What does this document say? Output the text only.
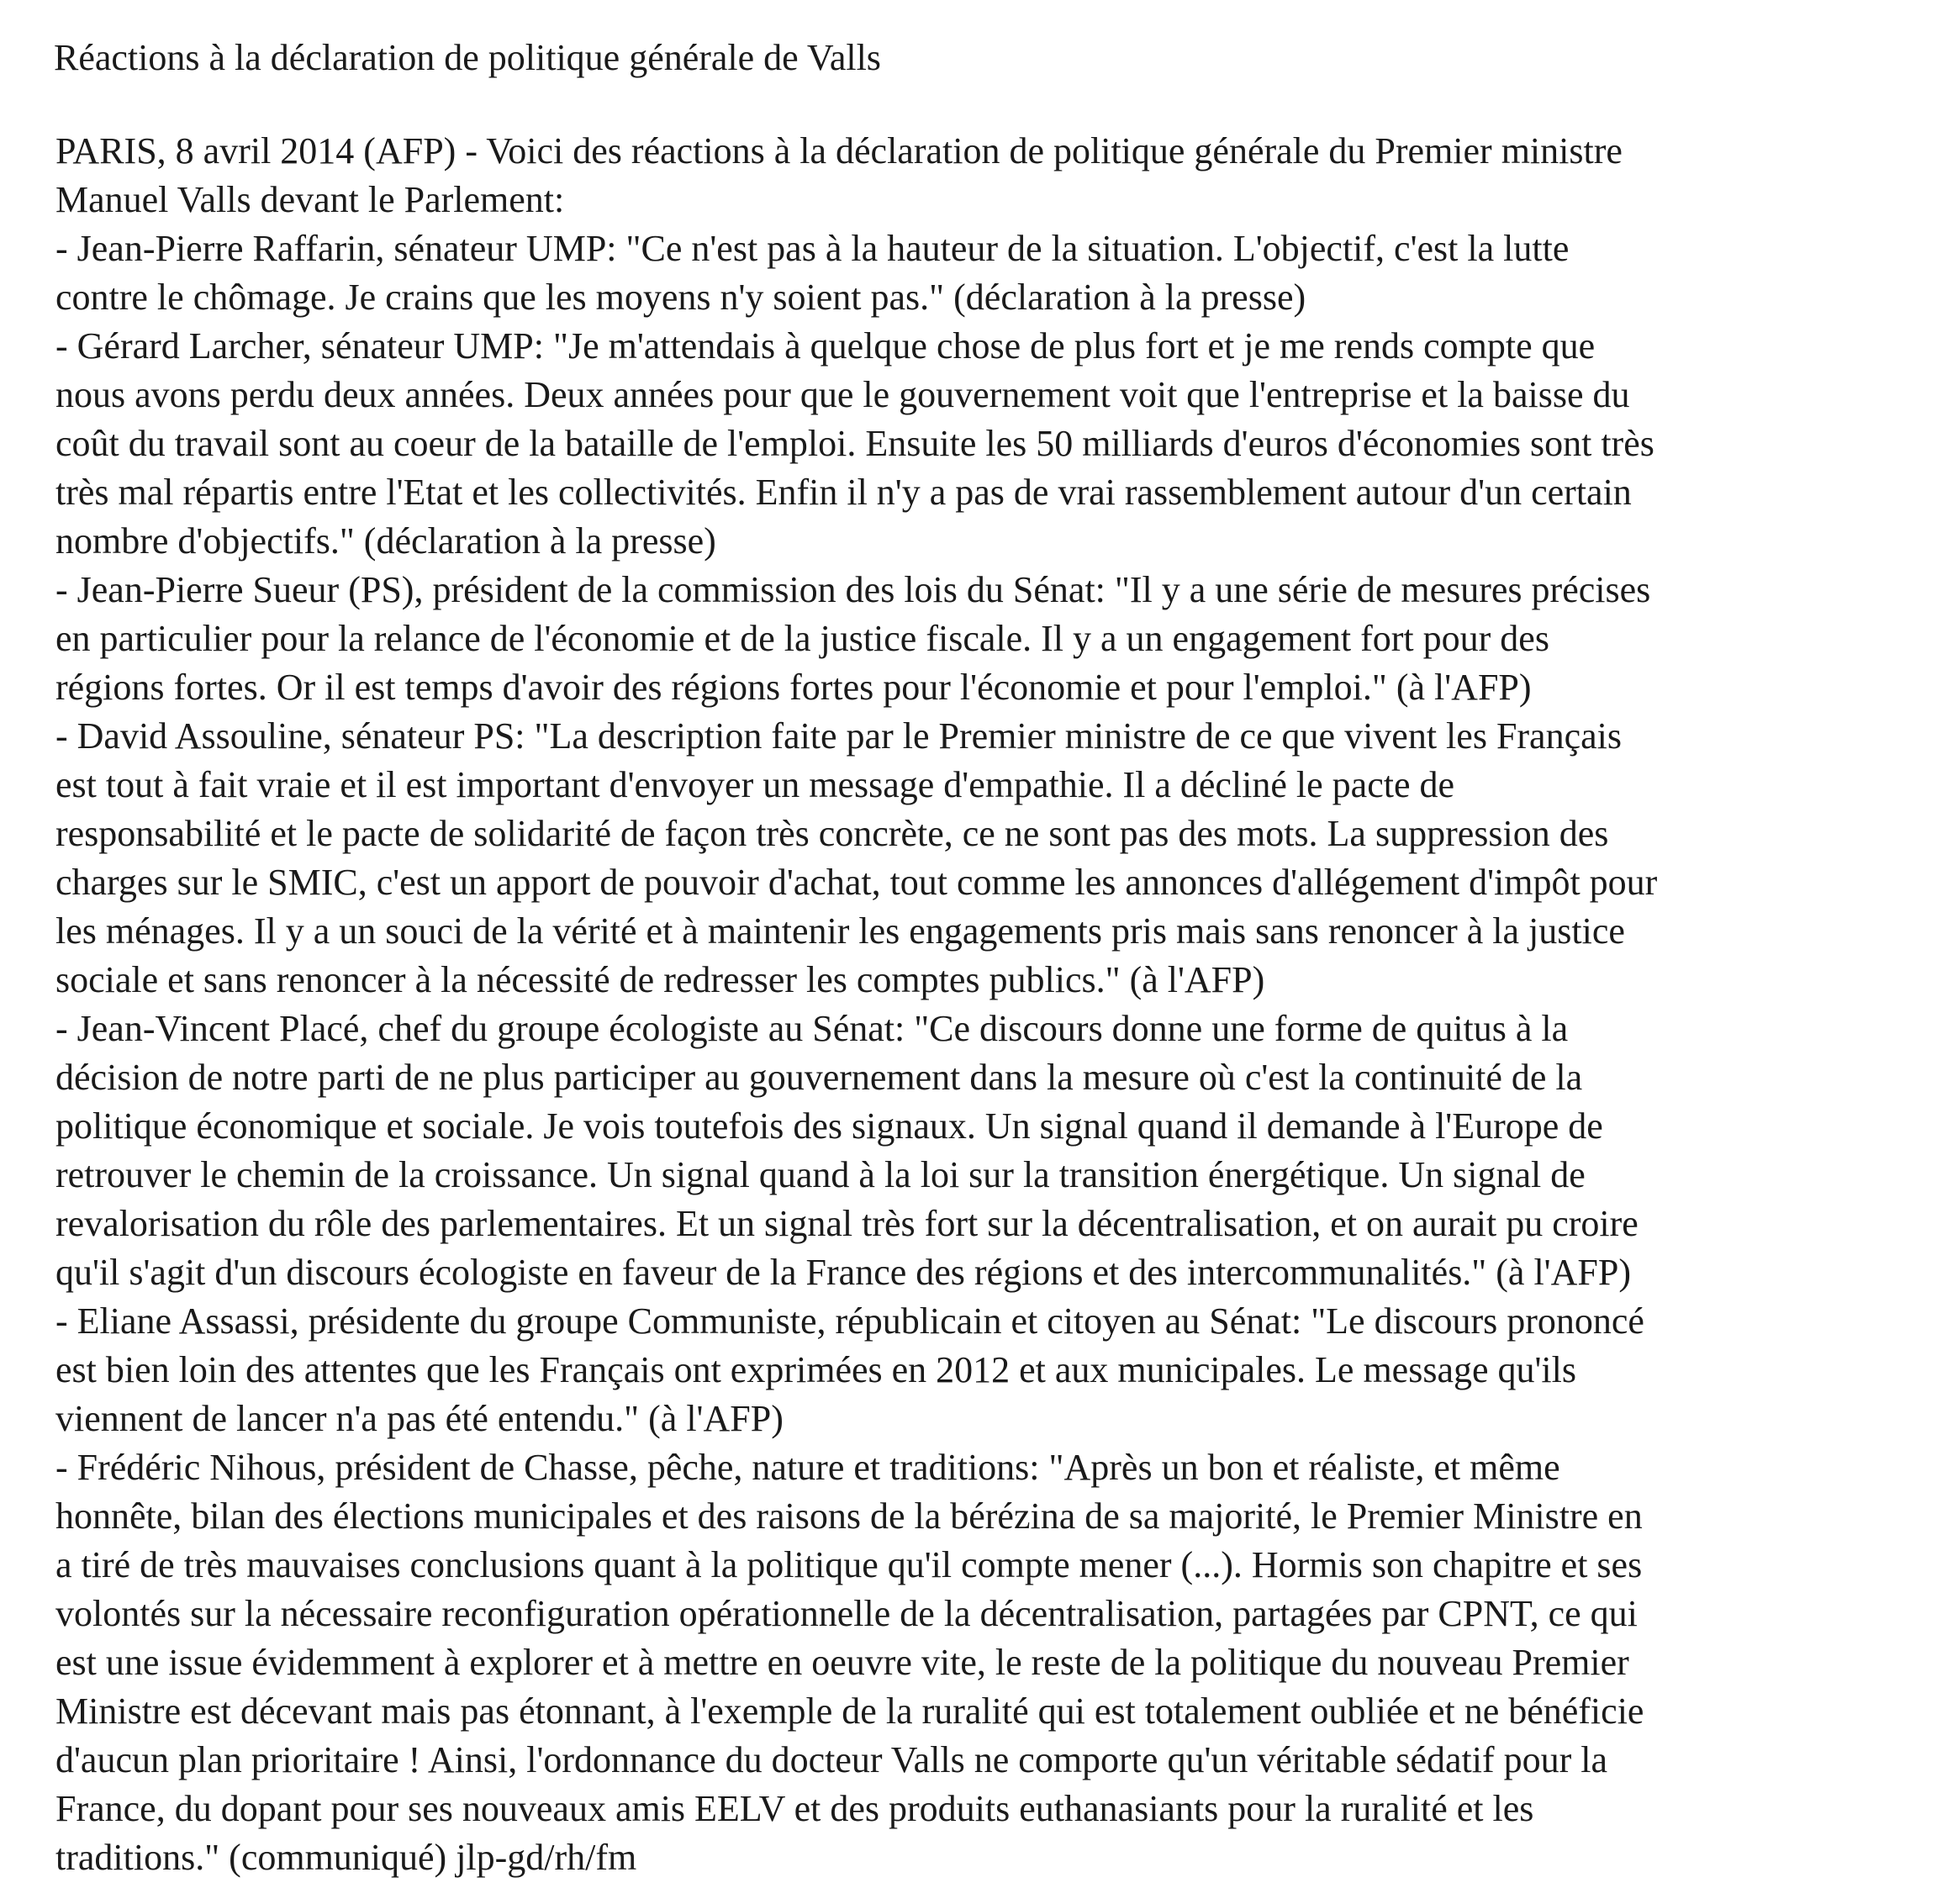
Réactions à la déclaration de politique générale de Valls
PARIS, 8 avril 2014 (AFP) - Voici des réactions à la déclaration de politique générale du Premier ministre
Manuel Valls devant le Parlement:
- Jean-Pierre Raffarin, sénateur UMP: "Ce n'est pas à la hauteur de la situation. L'objectif, c'est la lutte
contre le chômage. Je crains que les moyens n'y soient pas." (déclaration à la presse)
- Gérard Larcher, sénateur UMP: "Je m'attendais à quelque chose de plus fort et je me rends compte que
nous avons perdu deux années. Deux années pour que le gouvernement voit que l'entreprise et la baisse du
coût du travail sont au coeur de la bataille de l'emploi. Ensuite les 50 milliards d'euros d'économies sont très
très mal répartis entre l'Etat et les collectivités. Enfin il n'y a pas de vrai rassemblement autour d'un certain
nombre d'objectifs." (déclaration à la presse)
- Jean-Pierre Sueur (PS), président de la commission des lois du Sénat: "Il y a une série de mesures précises
en particulier pour la relance de l'économie et de la justice fiscale. Il y a un engagement fort pour des
régions fortes. Or il est temps d'avoir des régions fortes pour l'économie et pour l'emploi." (à l'AFP)
- David Assouline, sénateur PS: "La description faite par le Premier ministre de ce que vivent les Français
est tout à fait vraie et il est important d'envoyer un message d'empathie. Il a décliné le pacte de
responsabilité et le pacte de solidarité de façon très concrète, ce ne sont pas des mots. La suppression des
charges sur le SMIC, c'est un apport de pouvoir d'achat, tout comme les annonces d'allégement d'impôt pour
les ménages. Il y a un souci de la vérité et à maintenir les engagements pris mais sans renoncer à la justice
sociale et sans renoncer à la nécessité de redresser les comptes publics." (à l'AFP)
- Jean-Vincent Placé, chef du groupe écologiste au Sénat: "Ce discours donne une forme de quitus à la
décision de notre parti de ne plus participer au gouvernement dans la mesure où c'est la continuité de la
politique économique et sociale. Je vois toutefois des signaux. Un signal quand il demande à l'Europe de
retrouver le chemin de la croissance. Un signal quand à la loi sur la transition énergétique. Un signal de
revalorisation du rôle des parlementaires. Et un signal très fort sur la décentralisation, et on aurait pu croire
qu'il s'agit d'un discours écologiste en faveur de la France des régions et des intercommunalités." (à l'AFP)
- Eliane Assassi, présidente du groupe Communiste, républicain et citoyen au Sénat: "Le discours prononcé
est bien loin des attentes que les Français ont exprimées en 2012 et aux municipales. Le message qu'ils
viennent de lancer n'a pas été entendu." (à l'AFP)
- Frédéric Nihous, président de Chasse, pêche, nature et traditions: "Après un bon et réaliste, et même
honnête, bilan des élections municipales et des raisons de la bérézina de sa majorité, le Premier Ministre en
a tiré de très mauvaises conclusions quant à la politique qu'il compte mener (...). Hormis son chapitre et ses
volontés sur la nécessaire reconfiguration opérationnelle de la décentralisation, partagées par CPNT, ce qui
est une issue évidemment à explorer et à mettre en oeuvre vite, le reste de la politique du nouveau Premier
Ministre est décevant mais pas étonnant, à l'exemple de la ruralité qui est totalement oubliée et ne bénéficie
d'aucun plan prioritaire ! Ainsi, l'ordonnance du docteur Valls ne comporte qu'un véritable sédatif pour la
France, du dopant pour ses nouveaux amis EELV et des produits euthanasiants pour la ruralité et les
traditions." (communiqué) jlp-gd/rh/fm
